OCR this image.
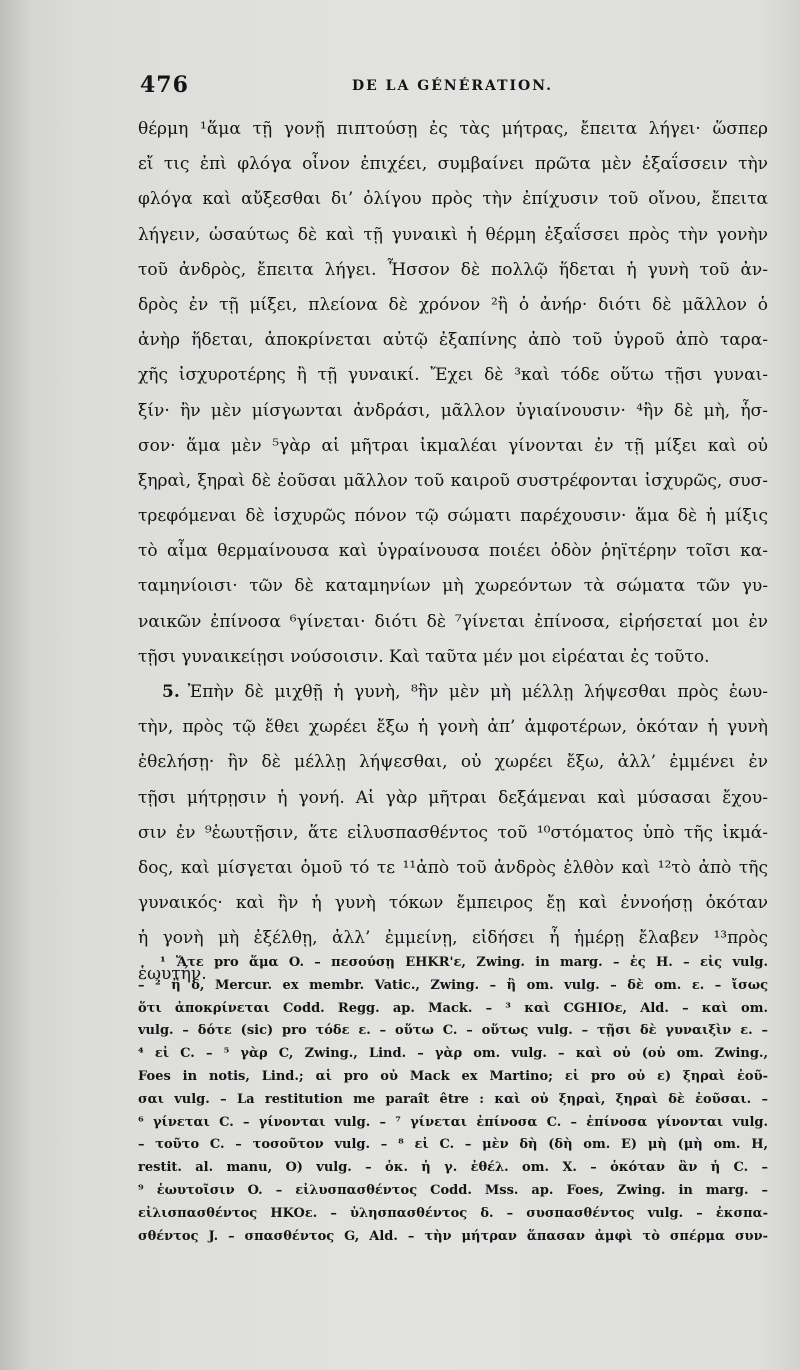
476	DE LA GÉNÉRATION.
θέρμη ¹ἅμα τῇ γονῇ πιπτούσῃ ἐς τὰς μήτρας, ἔπειτα λήγει· ὥσπερ
εἴ τις ἐπὶ φλόγα οἶνον ἐπιχέει, συμβαίνει πρῶτα μὲν ἐξαΐσσειν τὴν
φλόγα καὶ αὔξεσθαι δι’ ὀλίγου πρὸς τὴν ἐπίχυσιν τοῦ οἴνου, ἔπειτα
λήγειν, ὡσαύτως δὲ καὶ τῇ γυναικὶ ἡ θέρμη ἐξαΐσσει πρὸς τὴν γονὴν
τοῦ ἀνδρὸς, ἔπειτα λήγει. Ἧσσον δὲ πολλῷ ἥδεται ἡ γυνὴ τοῦ ἀν-
δρὸς ἐν τῇ μίξει, πλείονα δὲ χρόνον ²ἢ ὁ ἀνήρ· διότι δὲ μᾶλλον ὁ
ἀνὴρ ἥδεται, ἀποκρίνεται αὐτῷ ἐξαπίνης ἀπὸ τοῦ ὑγροῦ ἀπὸ ταρα-
χῆς ἰσχυροτέρης ἢ τῇ γυναικί. Ἔχει δὲ ³καὶ τόδε οὕτω τῇσι γυναι-
ξίν· ἢν μὲν μίσγωνται ἀνδράσι, μᾶλλον ὑγιαίνουσιν· ⁴ἢν δὲ μὴ, ἧσ-
σον· ἅμα μὲν ⁵γὰρ αἱ μῆτραι ἰκμαλέαι γίνονται ἐν τῇ μίξει καὶ οὐ
ξηραὶ, ξηραὶ δὲ ἐοῦσαι μᾶλλον τοῦ καιροῦ συστρέφονται ἰσχυρῶς, συσ-
τρεφόμεναι δὲ ἰσχυρῶς πόνον τῷ σώματι παρέχουσιν· ἅμα δὲ ἡ μίξις
τὸ αἷμα θερμαίνουσα καὶ ὑγραίνουσα ποιέει ὁδὸν ῥηϊτέρην τοῖσι κα-
ταμηνίοισι· τῶν δὲ καταμηνίων μὴ χωρεόντων τὰ σώματα τῶν γυ-
ναικῶν ἐπίνοσα ⁶γίνεται· διότι δὲ ⁷γίνεται ἐπίνοσα, εἰρήσεταί μοι ἐν
τῇσι γυναικείῃσι νούσοισιν. Καὶ ταῦτα μέν μοι εἰρέαται ἐς τοῦτο.
5. Ἐπὴν δὲ μιχθῇ ἡ γυνὴ, ⁸ἢν μὲν μὴ μέλλῃ λήψεσθαι πρὸς ἑωυ-
τὴν, πρὸς τῷ ἔθει χωρέει ἔξω ἡ γονὴ ἀπ’ ἀμφοτέρων, ὁκόταν ἡ γυνὴ
ἐθελήσῃ· ἢν δὲ μέλλῃ λήψεσθαι, οὐ χωρέει ἔξω, ἀλλ’ ἐμμένει ἐν
τῇσι μήτρῃσιν ἡ γονή. Αἱ γὰρ μῆτραι δεξάμεναι καὶ μύσασαι ἔχου-
σιν ἐν ⁹ἑωυτῇσιν, ἅτε εἰλυσπασθέντος τοῦ ¹⁰στόματος ὑπὸ τῆς ἰκμά-
δος, καὶ μίσγεται ὁμοῦ τό τε ¹¹ἀπὸ τοῦ ἀνδρὸς ἐλθὸν καὶ ¹²τὸ ἀπὸ τῆς
γυναικός· καὶ ἢν ἡ γυνὴ τόκων ἔμπειρος ἔῃ καὶ ἐννοήσῃ ὁκόταν
ἡ γονὴ μὴ ἐξέλθῃ, ἀλλ’ ἐμμείνῃ, εἰδήσει ἧ ἡμέρῃ ἔλαβεν ¹³πρὸς
ἑωυτήν.
¹ Ἅτε pro ἅμα O. – πεσούσῃ EHKR'ε, Zwing. in marg. – ἐς H. – εἰς vulg.
– ² ἢ δ, Mercur. ex membr. Vatic., Zwing. – ἢ om. vulg. – δὲ om. ε. – ἴσως
ὅτι ἀποκρίνεται Codd. Regg. ap. Mack. – ³ καὶ CGHIOε, Ald. – καὶ om.
vulg. – δότε (sic) pro τόδε ε. – οὕτω C. – οὕτως vulg. – τῇσι δὲ γυναιξὶν ε. –
⁴ εἰ C. – ⁵ γὰρ C, Zwing., Lind. – γὰρ om. vulg. – καὶ οὐ (οὐ om. Zwing.,
Foes in notis, Lind.; αἱ pro οὐ Mack ex Martino; εἰ pro οὐ ε) ξηραὶ ἐοῦ-
σαι vulg. – La restitution me paraît être : καὶ οὐ ξηραὶ, ξηραὶ δὲ ἐοῦσαι. –
⁶ γίνεται C. – γίνονται vulg. – ⁷ γίνεται ἐπίνοσα C. – ἐπίνοσα γίνονται vulg.
– τοῦτο C. – τοσοῦτον vulg. – ⁸ εἰ C. – μὲν δὴ (δὴ om. E) μὴ (μὴ om. H,
restit. al. manu, O) vulg. – ὁκ. ἡ γ. ἐθέλ. om. X. – ὁκόταν ἂν ἡ C. –
⁹ ἑωυτοῖσιν O. – εἰλυσπασθέντος Codd. Mss. ap. Foes, Zwing. in marg. –
εἰλισπασθέντος HKOε. – ὑλησπασθέντος δ. – συσπασθέντος vulg. – ἐκσπα-
σθέντος J. – σπασθέντος G, Ald. – τὴν μήτραν ἅπασαν ἀμφὶ τὸ σπέρμα συν-
